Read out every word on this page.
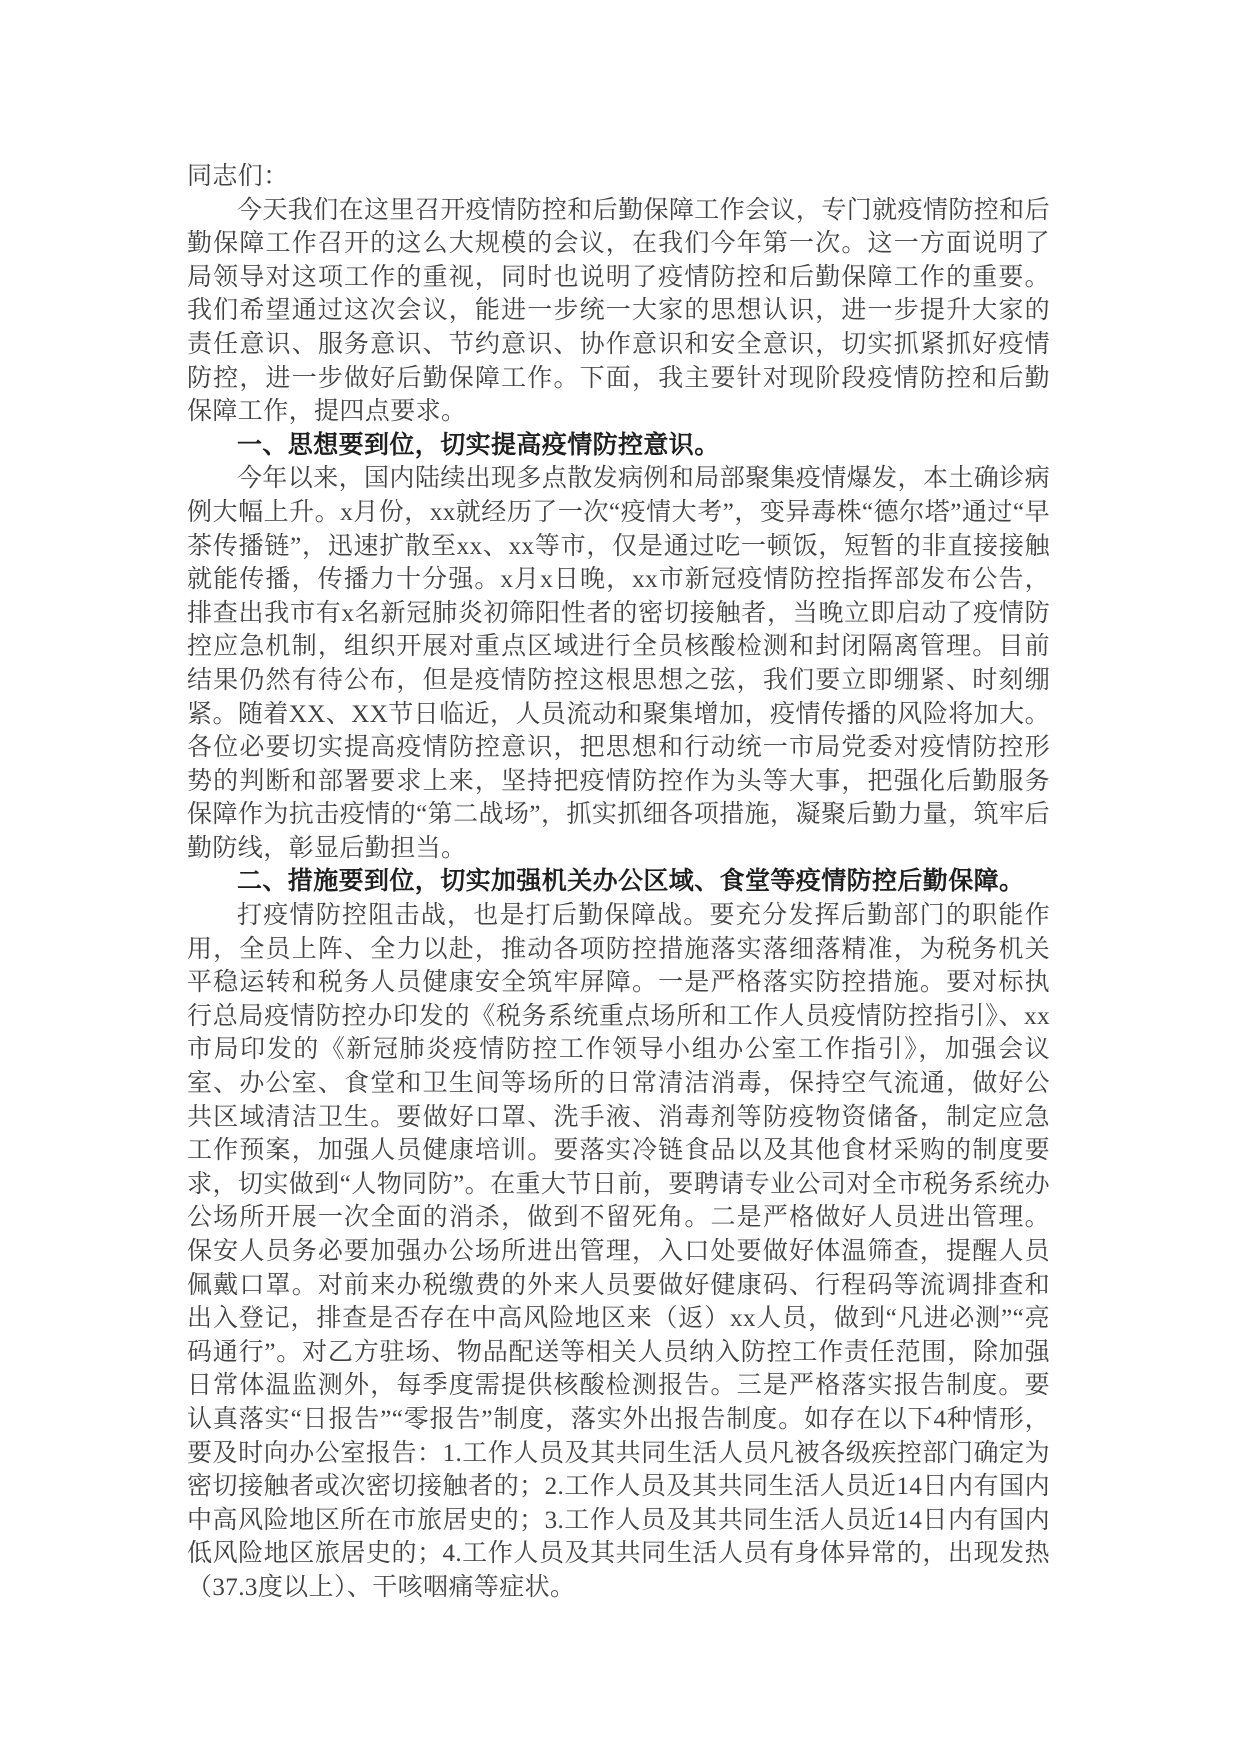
同志们：

今天我们在这里召开疫情防控和后勤保障工作会议，专门就疫情防控和后勤保障工作召开的这么大规模的会议，在我们今年第一次。这一方面说明了局领导对这项工作的重视，同时也说明了疫情防控和后勤保障工作的重要。我们希望通过这次会议，能进一步统一大家的思想认识，进一步提升大家的责任意识、服务意识、节约意识、协作意识和安全意识，切实抓紧抓好疫情防控，进一步做好后勤保障工作。下面，我主要针对现阶段疫情防控和后勤保障工作，提四点要求。

一、思想要到位，切实提高疫情防控意识。

今年以来，国内陆续出现多点散发病例和局部聚集疫情爆发，本土确诊病例大幅上升。x月份，xx就经历了一次“疫情大考”，变异毒株“德尔塔”通过“早茶传播链”，迅速扩散至xx、xx等市，仅是通过吃一顿饭，短暂的非直接接触就能传播，传播力十分强。x月x日晚，xx市新冠疫情防控指挥部发布公告，排查出我市有x名新冠肺炎初筛阳性者的密切接触者，当晚立即启动了疫情防控应急机制，组织开展对重点区域进行全员核酸检测和封闭隔离管理。目前结果仍然有待公布，但是疫情防控这根思想之弦，我们要立即绷紧、时刻绷紧。随着XX、XX节日临近，人员流动和聚集增加，疫情传播的风险将加大。各位必要切实提高疫情防控意识，把思想和行动统一市局党委对疫情防控形势的判断和部署要求上来，坚持把疫情防控作为头等大事，把强化后勤服务保障作为抗击疫情的“第二战场”，抓实抓细各项措施，凝聚后勤力量，筑牢后勤防线，彰显后勤担当。

二、措施要到位，切实加强机关办公区域、食堂等疫情防控后勤保障。

打疫情防控阻击战，也是打后勤保障战。要充分发挥后勤部门的职能作用，全员上阵、全力以赴，推动各项防控措施落实落细落精准，为税务机关平稳运转和税务人员健康安全筑牢屏障。一是严格落实防控措施。要对标执行总局疫情防控办印发的《税务系统重点场所和工作人员疫情防控指引》、xx市局印发的《新冠肺炎疫情防控工作领导小组办公室工作指引》，加强会议室、办公室、食堂和卫生间等场所的日常清洁消毒，保持空气流通，做好公共区域清洁卫生。要做好口罩、洗手液、消毒剂等防疫物资储备，制定应急工作预案，加强人员健康培训。要落实冷链食品以及其他食材采购的制度要求，切实做到“人物同防”。在重大节日前，要聘请专业公司对全市税务系统办公场所开展一次全面的消杀，做到不留死角。二是严格做好人员进出管理。保安人员务必要加强办公场所进出管理，入口处要做好体温筛查，提醒人员佩戴口罩。对前来办税缴费的外来人员要做好健康码、行程码等流调排查和出入登记，排查是否存在中高风险地区来（返）xx人员，做到“凡进必测”“亮码通行”。对乙方驻场、物品配送等相关人员纳入防控工作责任范围，除加强日常体温监测外，每季度需提供核酸检测报告。三是严格落实报告制度。要认真落实“日报告”“零报告”制度，落实外出报告制度。如存在以下4种情形，要及时向办公室报告：1.工作人员及其共同生活人员凡被各级疾控部门确定为密切接触者或次密切接触者的；2.工作人员及其共同生活人员近14日内有国内中高风险地区所在市旅居史的；3.工作人员及其共同生活人员近14日内有国内低风险地区旅居史的；4.工作人员及其共同生活人员有身体异常的，出现发热（37.3度以上）、干咳咽痛等症状。
